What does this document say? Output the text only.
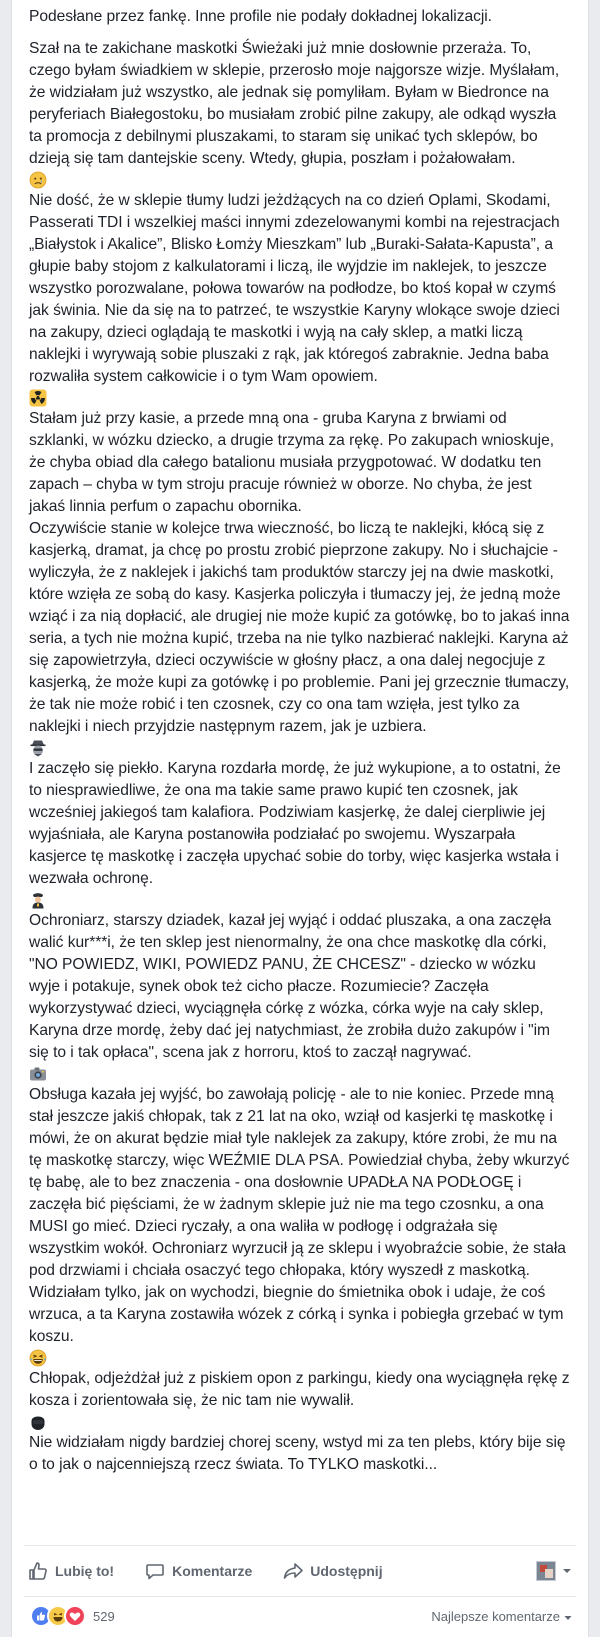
Podesłane przez fankę. Inne profile nie podały dokładnej lokalizacji.
Szał na te zakichane maskotki Świeżaki już mnie dosłownie przeraża. To, czego byłam świadkiem w sklepie, przerosło moje najgorsze wizje. Myślałam, że widziałam już wszystko, ale jednak się pomyliłam. Byłam w Biedronce na peryferiach Białegostoku, bo musiałam zrobić pilne zakupy, ale odkąd wyszła ta promocja z debilnymi pluszakami, to staram się unikać tych sklepów, bo dzieją się tam dantejskie sceny. Wtedy, głupia, poszłam i pożałowałam.
Nie dość, że w sklepie tłumy ludzi jeżdżących na co dzień Oplami, Skodami, Passerati TDI i wszelkiej maści innymi zdezelowanymi kombi na rejestracjach „Białystok i Akalice”, Blisko Łomży Mieszkam” lub „Buraki-Sałata-Kapusta”, a głupie baby stojom z kalkulatorami i liczą, ile wyjdzie im naklejek, to jeszcze wszystko porozwalane, połowa towarów na podłodze, bo ktoś kopał w czymś jak świnia. Nie da się na to patrzeć, te wszystkie Karyny wlokące swoje dzieci na zakupy, dzieci oglądają te maskotki i wyją na cały sklep, a matki liczą naklejki i wyrywają sobie pluszaki z rąk, jak któregoś zabraknie. Jedna baba rozwaliła system całkowicie i o tym Wam opowiem.
Stałam już przy kasie, a przede mną ona - gruba Karyna z brwiami od szklanki, w wózku dziecko, a drugie trzyma za rękę. Po zakupach wnioskuje, że chyba obiad dla całego batalionu musiała przygpotować. W dodatku ten zapach – chyba w tym stroju pracuje również w oborze. No chyba, że jest jakaś linnia perfum o zapachu obornika.
Oczywiście stanie w kolejce trwa wieczność, bo liczą te naklejki, kłócą się z kasjerką, dramat, ja chcę po prostu zrobić pieprzone zakupy. No i słuchajcie - wyliczyła, że z naklejek i jakichś tam produktów starczy jej na dwie maskotki, które wzięła ze sobą do kasy. Kasjerka policzyła i tłumaczy jej, że jedną może wziąć i za nią dopłacić, ale drugiej nie może kupić za gotówkę, bo to jakaś inna seria, a tych nie można kupić, trzeba na nie tylko nazbierać naklejki. Karyna aż się zapowietrzyła, dzieci oczywiście w głośny płacz, a ona dalej negocjuje z kasjerką, że może kupi za gotówkę i po problemie. Pani jej grzecznie tłumaczy, że tak nie może robić i ten czosnek, czy co ona tam wzięła, jest tylko za naklejki i niech przyjdzie następnym razem, jak je uzbiera.
I zaczęło się piekło. Karyna rozdarła mordę, że już wykupione, a to ostatni, że to niesprawiedliwe, że ona ma takie same prawo kupić ten czosnek, jak wcześniej jakiegoś tam kalafiora. Podziwiam kasjerkę, że dalej cierpliwie jej wyjaśniała, ale Karyna postanowiła podziałać po swojemu. Wyszarpała kasjerce tę maskotkę i zaczęła upychać sobie do torby, więc kasjerka wstała i wezwała ochronę.
Ochroniarz, starszy dziadek, kazał jej wyjąć i oddać pluszaka, a ona zaczęła walić kur***i, że ten sklep jest nienormalny, że ona chce maskotkę dla córki, "NO POWIEDZ, WIKI, POWIEDZ PANU, ŻE CHCESZ" - dziecko w wózku wyje i potakuje, synek obok też cicho płacze. Rozumiecie? Zaczęła wykorzystywać dzieci, wyciągnęła córkę z wózka, córka wyje na cały sklep, Karyna drze mordę, żeby dać jej natychmiast, że zrobiła dużo zakupów i "im się to i tak opłaca", scena jak z horroru, ktoś to zaczął nagrywać.
Obsługa kazała jej wyjść, bo zawołają policję - ale to nie koniec. Przede mną stał jeszcze jakiś chłopak, tak z 21 lat na oko, wziął od kasjerki tę maskotkę i mówi, że on akurat będzie miał tyle naklejek za zakupy, które zrobi, że mu na tę maskotkę starczy, więc WEŹMIE DLA PSA. Powiedział chyba, żeby wkurzyć tę babę, ale to bez znaczenia - ona dosłownie UPADŁA NA PODŁOGĘ i zaczęła bić pięściami, że w żadnym sklepie już nie ma tego czosnku, a ona MUSI go mieć. Dzieci ryczały, a ona waliła w podłogę i odgrażała się wszystkim wokół. Ochroniarz wyrzucił ją ze sklepu i wyobraźcie sobie, że stała pod drzwiami i chciała osaczyć tego chłopaka, który wyszedł z maskotką. Widziałam tylko, jak on wychodzi, biegnie do śmietnika obok i udaje, że coś wrzuca, a ta Karyna zostawiła wózek z córką i synka i pobiegła grzebać w tym koszu.
Chłopak, odjeżdżał już z piskiem opon z parkingu, kiedy ona wyciągnęła rękę z kosza i zorientowała się, że nic tam nie wywalił.
Nie widziałam nigdy bardziej chorej sceny, wstyd mi za ten plebs, który bije się o to jak o najcenniejszą rzecz świata. To TYLKO maskotki...
Lubię to!	Komentarze	Udostępnij
529	Najlepsze komentarze
